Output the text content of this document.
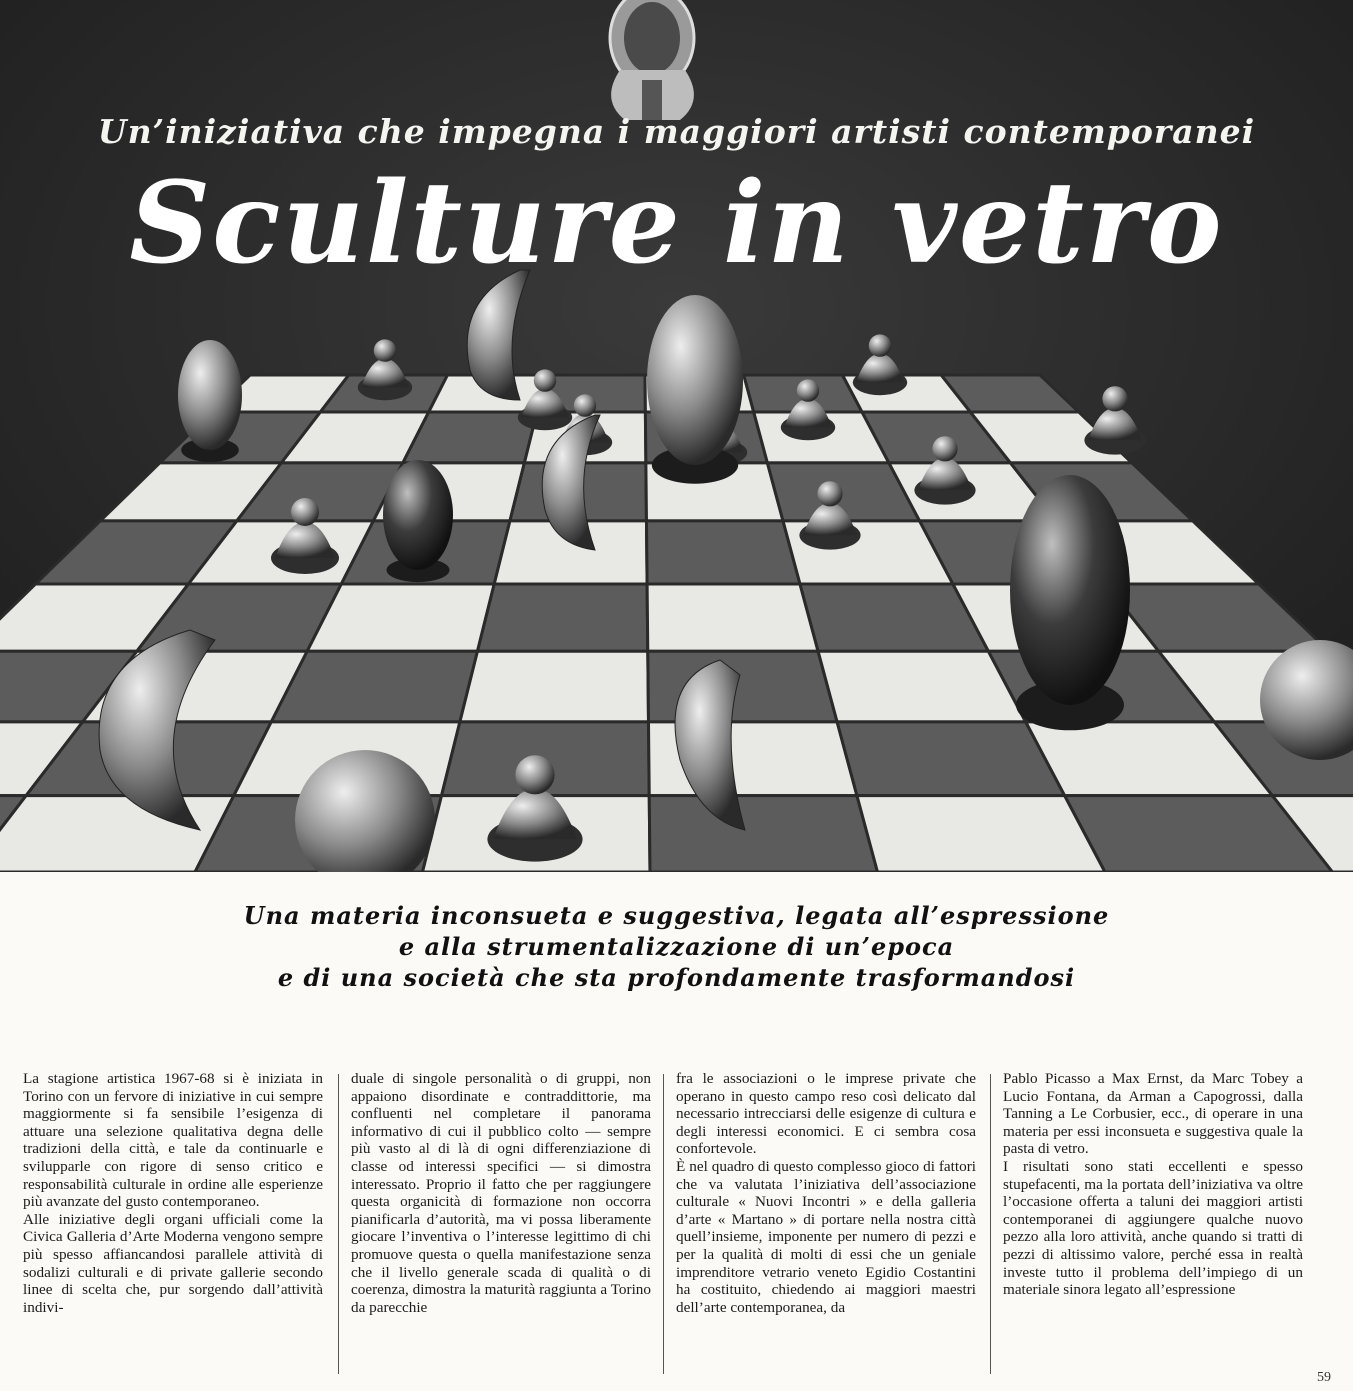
Un’iniziativa che impegna i maggiori artisti contemporanei
Sculture in vetro
Una materia inconsueta e suggestiva, legata all’espressione
e alla strumentalizzazione di un’epoca
e di una società che sta profondamente trasformandosi

La stagione artistica 1967-68 si è iniziata in Torino con un fervore di iniziative in cui sempre maggiormente si fa sensibile l’esigenza di attuare una selezione qualitativa degna delle tradizioni della città, e tale da continuarle e svilupparle con rigore di senso critico e responsabilità culturale in ordine alle esperienze più avanzate del gusto contemporaneo.

Alle iniziative degli organi ufficiali come la Civica Galleria d’Arte Moderna vengono sempre più spesso affiancandosi parallele attività di sodalizi culturali e di private gallerie secondo linee di scelta che, pur sorgendo dall’attività indivi-

duale di singole personalità o di gruppi, non appaiono disordinate e contraddittorie, ma confluenti nel completare il panorama informativo di cui il pubblico colto — sempre più vasto al di là di ogni differenziazione di classe od interessi specifici — si dimostra interessato. Proprio il fatto che per raggiungere questa organicità di formazione non occorra pianificarla d’autorità, ma vi possa liberamente giocare l’inventiva o l’interesse legittimo di chi promuove questa o quella manifestazione senza che il livello generale scada di qualità o di coerenza, dimostra la maturità raggiunta a Torino da parecchie

fra le associazioni o le imprese private che operano in questo campo reso così delicato dal necessario intrecciarsi delle esigenze di cultura e degli interessi economici. E ci sembra cosa confortevole.

È nel quadro di questo complesso gioco di fattori che va valutata l’iniziativa dell’associazione culturale « Nuovi Incontri » e della galleria d’arte « Martano » di portare nella nostra città quell’insieme, imponente per numero di pezzi e per la qualità di molti di essi che un geniale imprenditore vetrario veneto Egidio Costantini ha costituito, chiedendo ai maggiori maestri dell’arte contemporanea, da

Pablo Picasso a Max Ernst, da Marc Tobey a Lucio Fontana, da Arman a Capogrossi, dalla Tanning a Le Corbusier, ecc., di operare in una materia per essi inconsueta e suggestiva quale la pasta di vetro.

I risultati sono stati eccellenti e spesso stupefacenti, ma la portata dell’iniziativa va oltre l’occasione offerta a taluni dei maggiori artisti contemporanei di aggiungere qualche nuovo pezzo alla loro attività, anche quando si tratti di pezzi di altissimo valore, perché essa in realtà investe tutto il problema dell’impiego di un materiale sinora legato all’espressione

59
